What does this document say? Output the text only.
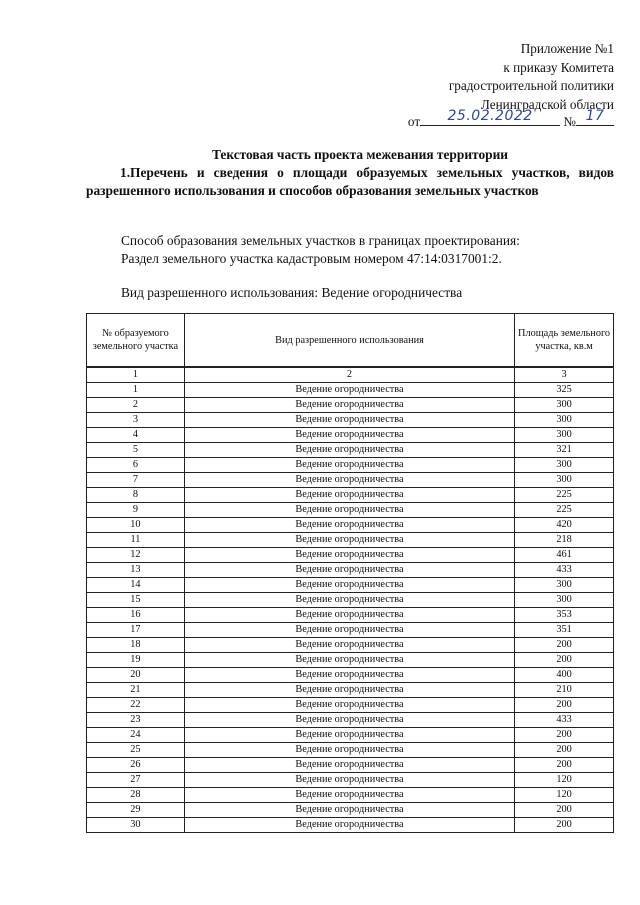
Приложение №1
к приказу Комитета
градостроительной политики
Ленинградской области
от	25.02.2022	№ 17
Текстовая часть проекта межевания территории
1.Перечень и сведения о площади образуемых земельных участков, видов разрешенного использования и способов образования земельных участков
Способ образования земельных участков в границах проектирования:
Раздел земельного участка кадастровым номером 47:14:0317001:2.
Вид разрешенного использования: Ведение огородничества
№ образуемого земельного участка	Вид разрешенного использования	Площадь земельного участка, кв.м
1	2	3
1	Ведение огородничества	325
2	Ведение огородничества	300
3	Ведение огородничества	300
4	Ведение огородничества	300
5	Ведение огородничества	321
6	Ведение огородничества	300
7	Ведение огородничества	300
8	Ведение огородничества	225
9	Ведение огородничества	225
10	Ведение огородничества	420
11	Ведение огородничества	218
12	Ведение огородничества	461
13	Ведение огородничества	433
14	Ведение огородничества	300
15	Ведение огородничества	300
16	Ведение огородничества	353
17	Ведение огородничества	351
18	Ведение огородничества	200
19	Ведение огородничества	200
20	Ведение огородничества	400
21	Ведение огородничества	210
22	Ведение огородничества	200
23	Ведение огородничества	433
24	Ведение огородничества	200
25	Ведение огородничества	200
26	Ведение огородничества	200
27	Ведение огородничества	120
28	Ведение огородничества	120
29	Ведение огородничества	200
30	Ведение огородничества	200
